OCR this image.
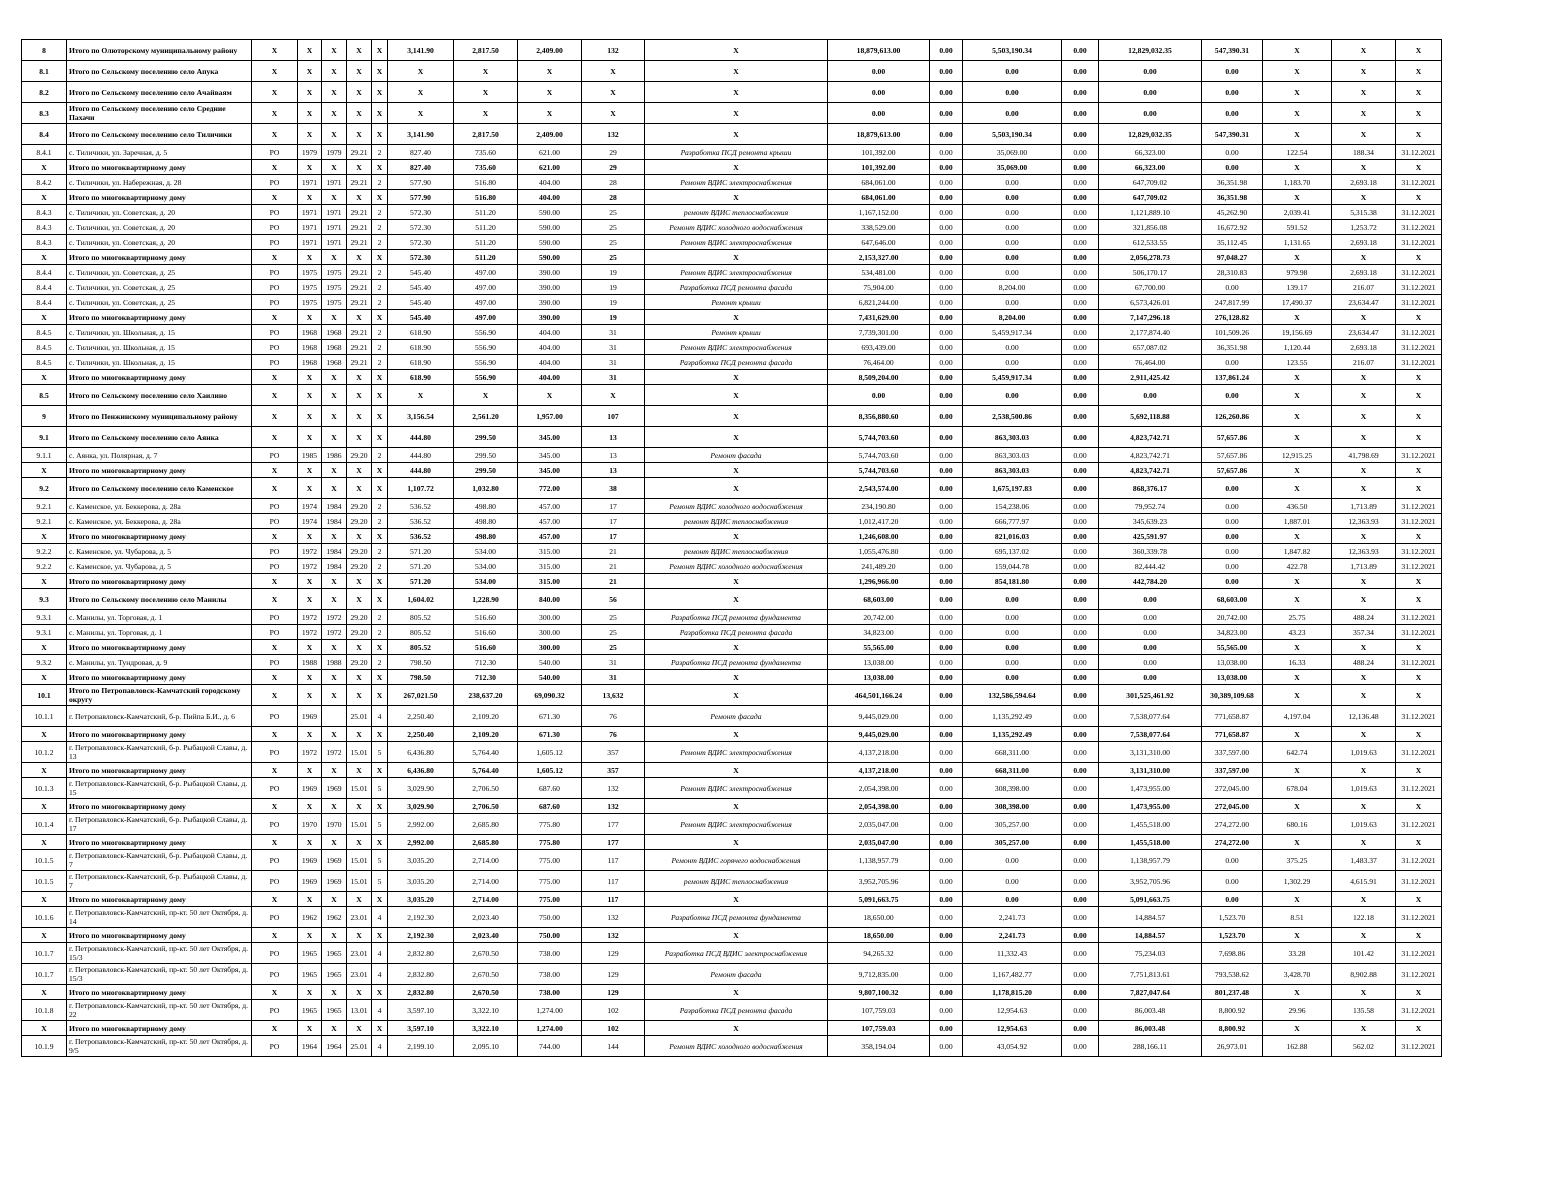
8	Итого по Олюторскому муниципальному району	Х	Х	Х	Х	Х	3,141.90	2,817.50	2,409.00	132	Х	18,879,613.00	0.00	5,503,190.34	0.00	12,829,032.35	547,390.31	Х	Х	Х
8.1	Итого по Сельскому поселению село Апука	Х	Х	Х	Х	Х	Х	Х	Х	Х	Х	0.00	0.00	0.00	0.00	0.00	0.00	Х	Х	Х
8.2	Итого по Сельскому поселению село Ачайваям	Х	Х	Х	Х	Х	Х	Х	Х	Х	Х	0.00	0.00	0.00	0.00	0.00	0.00	Х	Х	Х
8.3	Итого по Сельскому поселению село Средние Пахачи	Х	Х	Х	Х	Х	Х	Х	Х	Х	Х	0.00	0.00	0.00	0.00	0.00	0.00	Х	Х	Х
8.4	Итого по Сельскому поселению село Тиличики	Х	Х	Х	Х	Х	3,141.90	2,817.50	2,409.00	132	Х	18,879,613.00	0.00	5,503,190.34	0.00	12,829,032.35	547,390.31	Х	Х	Х
8.4.1	с. Тиличики, ул. Заречная, д. 5	РО	1979	1979	29.21	2	827.40	735.60	621.00	29	Разработка ПСД ремонта крыши	101,392.00	0.00	35,069.00	0.00	66,323.00	0.00	122.54	188.34	31.12.2021
Х	Итого по многоквартирному дому	Х	Х	Х	Х	Х	827.40	735.60	621.00	29	Х	101,392.00	0.00	35,069.00	0.00	66,323.00	0.00	Х	Х	Х
8.4.2	с. Тиличики, ул. Набережная, д. 28	РО	1971	1971	29.21	2	577.90	516.80	404.00	28	Ремонт ВДИС электроснабжения	684,061.00	0.00	0.00	0.00	647,709.02	36,351.98	1,183.70	2,693.18	31.12.2021
Х	Итого по многоквартирному дому	Х	Х	Х	Х	Х	577.90	516.80	404.00	28	Х	684,061.00	0.00	0.00	0.00	647,709.02	36,351.98	Х	Х	Х
8.4.3	с. Тиличики, ул. Советская, д. 20	РО	1971	1971	29.21	2	572.30	511.20	590.00	25	ремонт ВДИС теплоснабжения	1,167,152.00	0.00	0.00	0.00	1,121,889.10	45,262.90	2,039.41	5,315.38	31.12.2021
8.4.3	с. Тиличики, ул. Советская, д. 20	РО	1971	1971	29.21	2	572.30	511.20	590.00	25	Ремонт ВДИС холодного водоснабжения	338,529.00	0.00	0.00	0.00	321,856.08	16,672.92	591.52	1,253.72	31.12.2021
8.4.3	с. Тиличики, ул. Советская, д. 20	РО	1971	1971	29.21	2	572.30	511.20	590.00	25	Ремонт ВДИС электроснабжения	647,646.00	0.00	0.00	0.00	612,533.55	35,112.45	1,131.65	2,693.18	31.12.2021
Х	Итого по многоквартирному дому	Х	Х	Х	Х	Х	572.30	511.20	590.00	25	Х	2,153,327.00	0.00	0.00	0.00	2,056,278.73	97,048.27	Х	Х	Х
8.4.4	с. Тиличики, ул. Советская, д. 25	РО	1975	1975	29.21	2	545.40	497.00	390.00	19	Ремонт ВДИС электроснабжения	534,481.00	0.00	0.00	0.00	506,170.17	28,310.83	979.98	2,693.18	31.12.2021
8.4.4	с. Тиличики, ул. Советская, д. 25	РО	1975	1975	29.21	2	545.40	497.00	390.00	19	Разработка ПСД ремонта фасада	75,904.00	0.00	8,204.00	0.00	67,700.00	0.00	139.17	216.07	31.12.2021
8.4.4	с. Тиличики, ул. Советская, д. 25	РО	1975	1975	29.21	2	545.40	497.00	390.00	19	Ремонт крыши	6,821,244.00	0.00	0.00	0.00	6,573,426.01	247,817.99	17,490.37	23,634.47	31.12.2021
Х	Итого по многоквартирному дому	Х	Х	Х	Х	Х	545.40	497.00	390.00	19	Х	7,431,629.00	0.00	8,204.00	0.00	7,147,296.18	276,128.82	Х	Х	Х
8.4.5	с. Тиличики, ул. Школьная, д. 15	РО	1968	1968	29.21	2	618.90	556.90	404.00	31	Ремонт крыши	7,739,301.00	0.00	5,459,917.34	0.00	2,177,874.40	101,509.26	19,156.69	23,634.47	31.12.2021
8.4.5	с. Тиличики, ул. Школьная, д. 15	РО	1968	1968	29.21	2	618.90	556.90	404.00	31	Ремонт ВДИС электроснабжения	693,439.00	0.00	0.00	0.00	657,087.02	36,351.98	1,120.44	2,693.18	31.12.2021
8.4.5	с. Тиличики, ул. Школьная, д. 15	РО	1968	1968	29.21	2	618.90	556.90	404.00	31	Разработка ПСД ремонта фасада	76,464.00	0.00	0.00	0.00	76,464.00	0.00	123.55	216.07	31.12.2021
Х	Итого по многоквартирному дому	Х	Х	Х	Х	Х	618.90	556.90	404.00	31	Х	8,509,204.00	0.00	5,459,917.34	0.00	2,911,425.42	137,861.24	Х	Х	Х
8.5	Итого по Сельскому поселению село Хаилино	Х	Х	Х	Х	Х	Х	Х	Х	Х	Х	0.00	0.00	0.00	0.00	0.00	0.00	Х	Х	Х
9	Итого по Пенжинскому муниципальному району	Х	Х	Х	Х	Х	3,156.54	2,561.20	1,957.00	107	Х	8,356,880.60	0.00	2,538,500.86	0.00	5,692,118.88	126,260.86	Х	Х	Х
9.1	Итого по Сельскому поселению село Аянка	Х	Х	Х	Х	Х	444.80	299.50	345.00	13	Х	5,744,703.60	0.00	863,303.03	0.00	4,823,742.71	57,657.86	Х	Х	Х
9.1.1	с. Аянка, ул. Полярная, д. 7	РО	1985	1986	29.20	2	444.80	299.50	345.00	13	Ремонт фасада	5,744,703.60	0.00	863,303.03	0.00	4,823,742.71	57,657.86	12,915.25	41,798.69	31.12.2021
Х	Итого по многоквартирному дому	Х	Х	Х	Х	Х	444.80	299.50	345.00	13	Х	5,744,703.60	0.00	863,303.03	0.00	4,823,742.71	57,657.86	Х	Х	Х
9.2	Итого по Сельскому поселению село Каменское	Х	Х	Х	Х	Х	1,107.72	1,032.80	772.00	38	Х	2,543,574.00	0.00	1,675,197.83	0.00	868,376.17	0.00	Х	Х	Х
9.2.1	с. Каменское, ул. Беккерова, д. 28а	РО	1974	1984	29.20	2	536.52	498.80	457.00	17	Ремонт ВДИС холодного водоснабжения	234,190.80	0.00	154,238.06	0.00	79,952.74	0.00	436.50	1,713.89	31.12.2021
9.2.1	с. Каменское, ул. Беккерова, д. 28а	РО	1974	1984	29.20	2	536.52	498.80	457.00	17	ремонт ВДИС теплоснабжения	1,012,417.20	0.00	666,777.97	0.00	345,639.23	0.00	1,887.01	12,363.93	31.12.2021
Х	Итого по многоквартирному дому	Х	Х	Х	Х	Х	536.52	498.80	457.00	17	Х	1,246,608.00	0.00	821,016.03	0.00	425,591.97	0.00	Х	Х	Х
9.2.2	с. Каменское, ул. Чубарова, д. 5	РО	1972	1984	29.20	2	571.20	534.00	315.00	21	ремонт ВДИС теплоснабжения	1,055,476.80	0.00	695,137.02	0.00	360,339.78	0.00	1,847.82	12,363.93	31.12.2021
9.2.2	с. Каменское, ул. Чубарова, д. 5	РО	1972	1984	29.20	2	571.20	534.00	315.00	21	Ремонт ВДИС холодного водоснабжения	241,489.20	0.00	159,044.78	0.00	82,444.42	0.00	422.78	1,713.89	31.12.2021
Х	Итого по многоквартирному дому	Х	Х	Х	Х	Х	571.20	534.00	315.00	21	Х	1,296,966.00	0.00	854,181.80	0.00	442,784.20	0.00	Х	Х	Х
9.3	Итого по Сельскому поселению село Манилы	Х	Х	Х	Х	Х	1,604.02	1,228.90	840.00	56	Х	68,603.00	0.00	0.00	0.00	0.00	68,603.00	Х	Х	Х
9.3.1	с. Манилы, ул. Торговая, д. 1	РО	1972	1972	29.20	2	805.52	516.60	300.00	25	Разработка ПСД ремонта фундамента	20,742.00	0.00	0.00	0.00	0.00	20,742.00	25.75	488.24	31.12.2021
9.3.1	с. Манилы, ул. Торговая, д. 1	РО	1972	1972	29.20	2	805.52	516.60	300.00	25	Разработка ПСД ремонта фасада	34,823.00	0.00	0.00	0.00	0.00	34,823.00	43.23	357.34	31.12.2021
Х	Итого по многоквартирному дому	Х	Х	Х	Х	Х	805.52	516.60	300.00	25	Х	55,565.00	0.00	0.00	0.00	0.00	55,565.00	Х	Х	Х
9.3.2	с. Манилы, ул. Тундровая, д. 9	РО	1988	1988	29.20	2	798.50	712.30	540.00	31	Разработка ПСД ремонта фундамента	13,038.00	0.00	0.00	0.00	0.00	13,038.00	16.33	488.24	31.12.2021
Х	Итого по многоквартирному дому	Х	Х	Х	Х	Х	798.50	712.30	540.00	31	Х	13,038.00	0.00	0.00	0.00	0.00	13,038.00	Х	Х	Х
10.1	Итого по Петропавловск-Камчатский городскому округу	Х	Х	Х	Х	Х	267,021.50	238,637.20	69,090.32	13,632	Х	464,501,166.24	0.00	132,586,594.64	0.00	301,525,461.92	30,389,109.68	Х	Х	Х
10.1.1	г. Петропавловск-Камчатский, б-р. Пийпа Б.И., д. 6	РО	1969		25.01	4	2,250.40	2,109.20	671.30	76	Ремонт фасада	9,445,029.00	0.00	1,135,292.49	0.00	7,538,077.64	771,658.87	4,197.04	12,136.48	31.12.2021
Х	Итого по многоквартирному дому	Х	Х	Х	Х	Х	2,250.40	2,109.20	671.30	76	Х	9,445,029.00	0.00	1,135,292.49	0.00	7,538,077.64	771,658.87	Х	Х	Х
10.1.2	г. Петропавловск-Камчатский, б-р. Рыбацкой Славы, д. 13	РО	1972	1972	15.01	5	6,436.80	5,764.40	1,605.12	357	Ремонт ВДИС электроснабжения	4,137,218.00	0.00	668,311.00	0.00	3,131,310.00	337,597.00	642.74	1,019.63	31.12.2021
Х	Итого по многоквартирному дому	Х	Х	Х	Х	Х	6,436.80	5,764.40	1,605.12	357	Х	4,137,218.00	0.00	668,311.00	0.00	3,131,310.00	337,597.00	Х	Х	Х
10.1.3	г. Петропавловск-Камчатский, б-р. Рыбацкой Славы, д. 15	РО	1969	1969	15.01	5	3,029.90	2,706.50	687.60	132	Ремонт ВДИС электроснабжения	2,054,398.00	0.00	308,398.00	0.00	1,473,955.00	272,045.00	678.04	1,019.63	31.12.2021
Х	Итого по многоквартирному дому	Х	Х	Х	Х	Х	3,029.90	2,706.50	687.60	132	Х	2,054,398.00	0.00	308,398.00	0.00	1,473,955.00	272,045.00	Х	Х	Х
10.1.4	г. Петропавловск-Камчатский, б-р. Рыбацкой Славы, д. 17	РО	1970	1970	15.01	5	2,992.00	2,685.80	775.80	177	Ремонт ВДИС электроснабжения	2,035,047.00	0.00	305,257.00	0.00	1,455,518.00	274,272.00	680.16	1,019.63	31.12.2021
Х	Итого по многоквартирному дому	Х	Х	Х	Х	Х	2,992.00	2,685.80	775.80	177	Х	2,035,047.00	0.00	305,257.00	0.00	1,455,518.00	274,272.00	Х	Х	Х
10.1.5	г. Петропавловск-Камчатский, б-р. Рыбацкой Славы, д. 7	РО	1969	1969	15.01	5	3,035.20	2,714.00	775.00	117	Ремонт ВДИС горячего водоснабжения	1,138,957.79	0.00	0.00	0.00	1,138,957.79	0.00	375.25	1,483.37	31.12.2021
10.1.5	г. Петропавловск-Камчатский, б-р. Рыбацкой Славы, д. 7	РО	1969	1969	15.01	5	3,035.20	2,714.00	775.00	117	ремонт ВДИС теплоснабжения	3,952,705.96	0.00	0.00	0.00	3,952,705.96	0.00	1,302.29	4,615.91	31.12.2021
Х	Итого по многоквартирному дому	Х	Х	Х	Х	Х	3,035.20	2,714.00	775.00	117	Х	5,091,663.75	0.00	0.00	0.00	5,091,663.75	0.00	Х	Х	Х
10.1.6	г. Петропавловск-Камчатский, пр-кт. 50 лет Октября, д. 14	РО	1962	1962	23.01	4	2,192.30	2,023.40	750.00	132	Разработка ПСД ремонта фундамента	18,650.00	0.00	2,241.73	0.00	14,884.57	1,523.70	8.51	122.18	31.12.2021
Х	Итого по многоквартирному дому	Х	Х	Х	Х	Х	2,192.30	2,023.40	750.00	132	Х	18,650.00	0.00	2,241.73	0.00	14,884.57	1,523.70	Х	Х	Х
10.1.7	г. Петропавловск-Камчатский, пр-кт. 50 лет Октября, д. 15/3	РО	1965	1965	23.01	4	2,832.80	2,670.50	738.00	129	Разработка ПСД ВДИС электроснабжения	94,265.32	0.00	11,332.43	0.00	75,234.03	7,698.86	33.28	101.42	31.12.2021
10.1.7	г. Петропавловск-Камчатский, пр-кт. 50 лет Октября, д. 15/3	РО	1965	1965	23.01	4	2,832.80	2,670.50	738.00	129	Ремонт фасада	9,712,835.00	0.00	1,167,482.77	0.00	7,751,813.61	793,538.62	3,428.70	8,902.88	31.12.2021
Х	Итого по многоквартирному дому	Х	Х	Х	Х	Х	2,832.80	2,670.50	738.00	129	Х	9,807,100.32	0.00	1,178,815.20	0.00	7,827,047.64	801,237.48	Х	Х	Х
10.1.8	г. Петропавловск-Камчатский, пр-кт. 50 лет Октября, д. 22	РО	1965	1965	13.01	4	3,597.10	3,322.10	1,274.00	102	Разработка ПСД ремонта фасада	107,759.03	0.00	12,954.63	0.00	86,003.48	8,800.92	29.96	135.58	31.12.2021
Х	Итого по многоквартирному дому	Х	Х	Х	Х	Х	3,597.10	3,322.10	1,274.00	102	Х	107,759.03	0.00	12,954.63	0.00	86,003.48	8,800.92	Х	Х	Х
10.1.9	г. Петропавловск-Камчатский, пр-кт. 50 лет Октября, д. 9/5	РО	1964	1964	25.01	4	2,199.10	2,095.10	744.00	144	Ремонт ВДИС холодного водоснабжения	358,194.04	0.00	43,054.92	0.00	288,166.11	26,973.01	162.88	562.02	31.12.2021
